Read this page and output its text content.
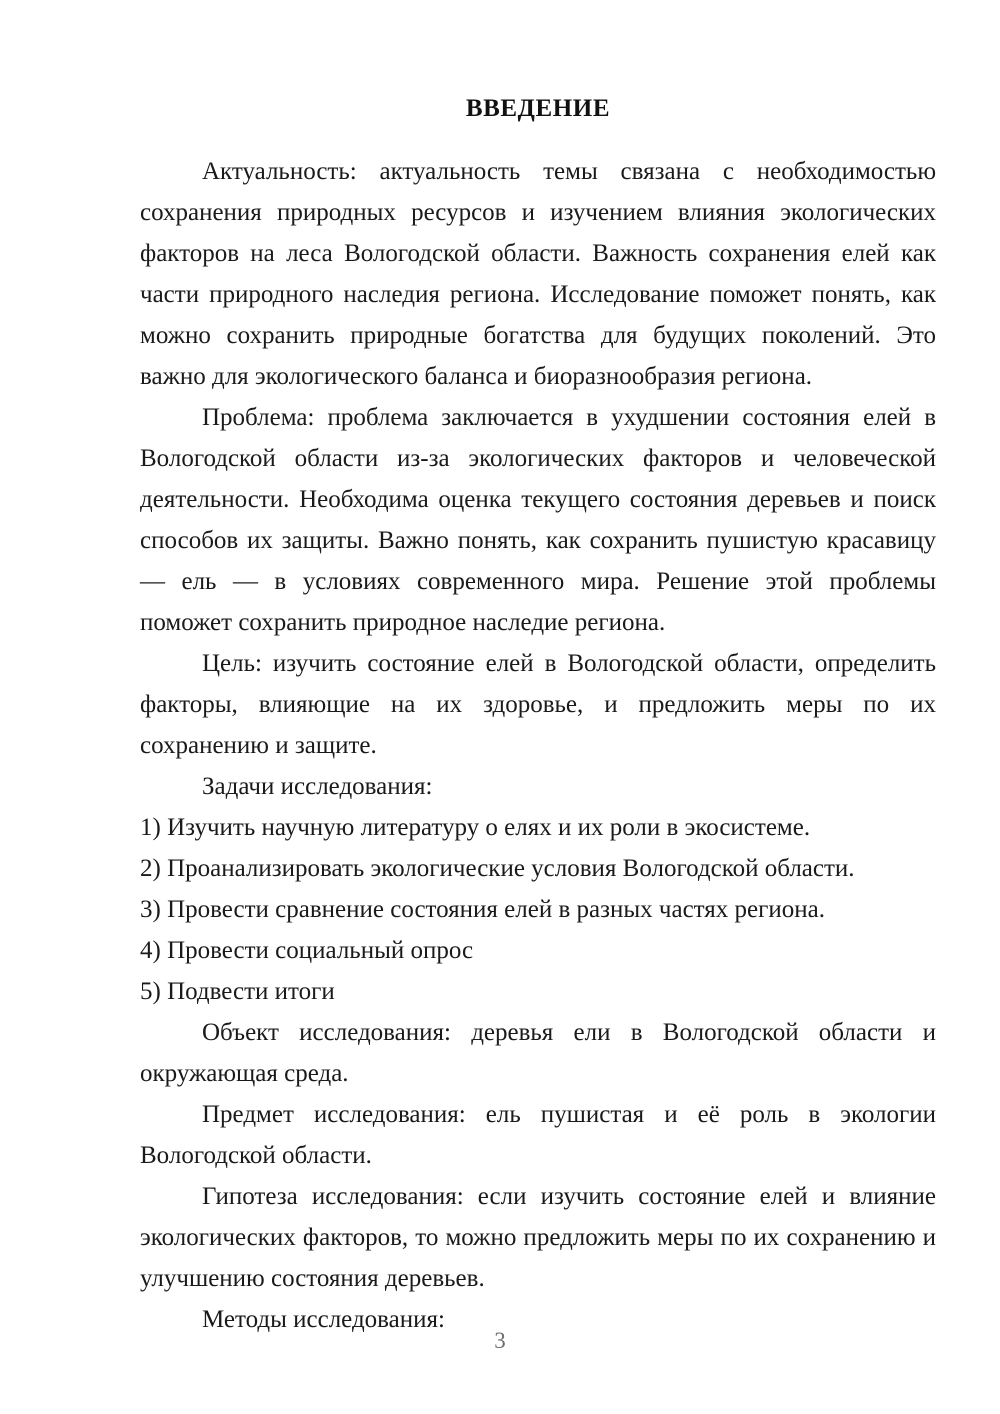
ВВЕДЕНИЕ

Актуальность: актуальность темы связана с необходимостью сохранения природных ресурсов и изучением влияния экологических факторов на леса Вологодской области. Важность сохранения елей как части природного наследия региона. Исследование поможет понять, как можно сохранить природные богатства для будущих поколений. Это важно для экологического баланса и биоразнообразия региона.

Проблема: проблема заключается в ухудшении состояния елей в Вологодской области из-за экологических факторов и человеческой деятельности. Необходима оценка текущего состояния деревьев и поиск способов их защиты. Важно понять, как сохранить пушистую красавицу — ель — в условиях современного мира. Решение этой проблемы поможет сохранить природное наследие региона.

Цель: изучить состояние елей в Вологодской области, определить факторы, влияющие на их здоровье, и предложить меры по их сохранению и защите.

Задачи исследования:

1) Изучить научную литературу о елях и их роли в экосистеме.
2) Проанализировать экологические условия Вологодской области.
3) Провести сравнение состояния елей в разных частях региона.
4) Провести социальный опрос
5) Подвести итоги

Объект исследования: деревья ели в Вологодской области и окружающая среда.

Предмет исследования: ель пушистая и её роль в экологии Вологодской области.

Гипотеза исследования: если изучить состояние елей и влияние экологических факторов, то можно предложить меры по их сохранению и улучшению состояния деревьев.

Методы исследования:

3
